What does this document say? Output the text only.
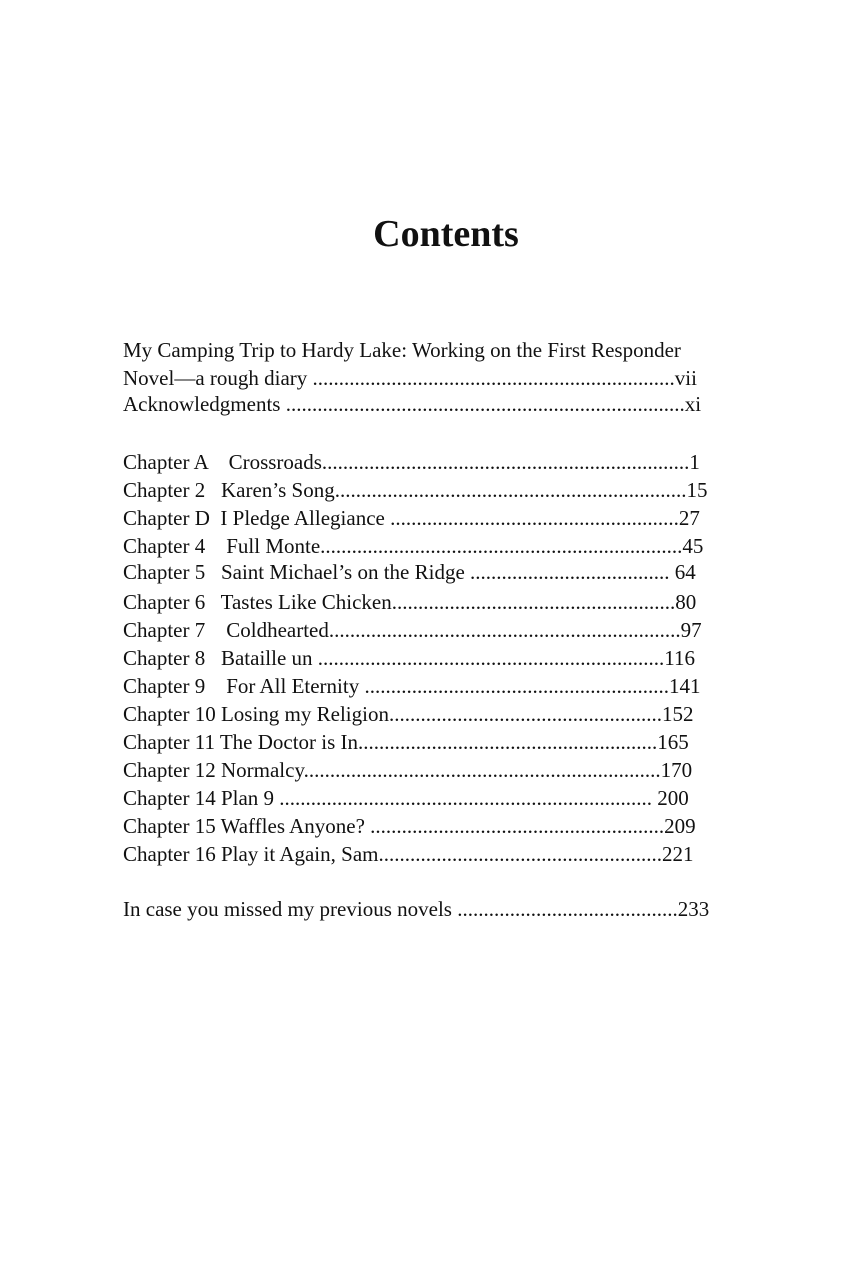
Contents
My Camping Trip to Hardy Lake: Working on the First Responder
Novel—a rough diary .....................................................................vii
Acknowledgments ............................................................................xi
Chapter A    Crossroads......................................................................1
Chapter 2   Karen’s Song...................................................................15
Chapter D  I Pledge Allegiance .......................................................27
Chapter 4    Full Monte.....................................................................45
Chapter 5   Saint Michael’s on the Ridge ...................................... 64
Chapter 6   Tastes Like Chicken......................................................80
Chapter 7    Coldhearted...................................................................97
Chapter 8   Bataille un ..................................................................116
Chapter 9    For All Eternity ..........................................................141
Chapter 10 Losing my Religion....................................................152
Chapter 11 The Doctor is In.........................................................165
Chapter 12 Normalcy....................................................................170
Chapter 14 Plan 9 ....................................................................... 200
Chapter 15 Waffles Anyone? ........................................................209
Chapter 16 Play it Again, Sam......................................................221
In case you missed my previous novels ..........................................233
